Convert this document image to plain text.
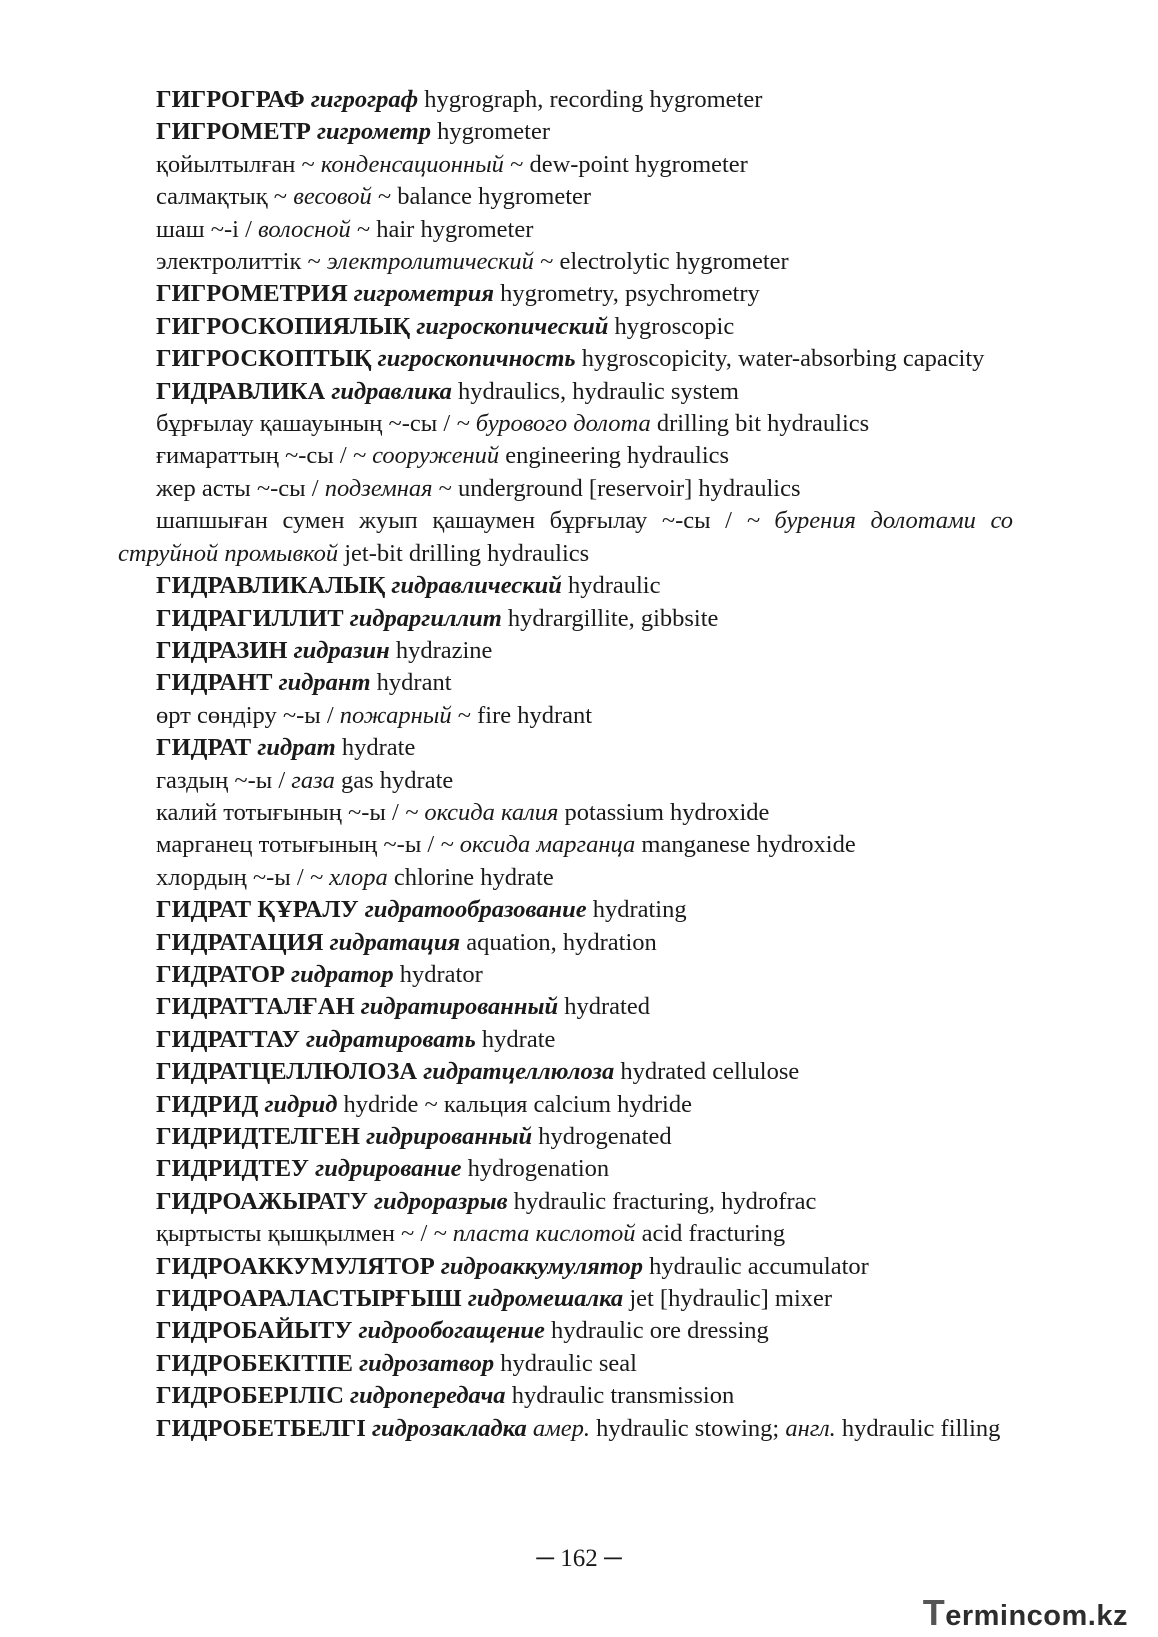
ГИГРОГРАФ гигрограф hygrograph, recording hygrometer

ГИГРОМЕТР гигрометр hygrometer

қойылтылған ~ конденсационный ~ dew-point hygrometer

салмақтық ~ весовой ~ balance hygrometer

шаш ~-і / волосной ~ hair hygrometer

электролиттік ~ электролитический ~ electrolytic hygrometer

ГИГРОМЕТРИЯ гигрометрия hygrometry, psychrometry

ГИГРОСКОПИЯЛЫҚ гигроскопический hygroscopic

ГИГРОСКОПТЫҚ гигроскопичность hygroscopicity, water-absorbing capacity

ГИДРАВЛИКА гидравлика hydraulics, hydraulic system

бұрғылау қашауының ~-сы / ~ бурового долота drilling bit hydraulics

ғимараттың ~-сы / ~ сооружений engineering hydraulics

жер асты ~-сы / подземная ~ underground [reservoir] hydraulics

шапшыған сумен жуып қашаумен бұрғылау ~-сы / ~ бурения долотами со струйной промывкой jet-bit drilling hydraulics

ГИДРАВЛИКАЛЫҚ гидравлический hydraulic

ГИДРАГИЛЛИТ гидраргиллит hydrargillite, gibbsite

ГИДРАЗИН гидразин hydrazine

ГИДРАНТ гидрант hydrant

өрт сөндіру ~-ы / пожарный ~ fire hydrant

ГИДРАТ гидрат hydrate

газдың ~-ы / газа gas hydrate

калий тотығының ~-ы / ~ оксида калия potassium hydroxide

марганец тотығының ~-ы / ~ оксида марганца manganese hydroxide

хлордың ~-ы / ~ хлора chlorine hydrate

ГИДРАТ ҚҰРАЛУ гидратообразование hydrating

ГИДРАТАЦИЯ гидратация aquation, hydration

ГИДРАТОР гидратор hydrator

ГИДРАТТАЛҒАН гидратированный hydrated

ГИДРАТТАУ гидратировать hydrate

ГИДРАТЦЕЛЛЮЛОЗА гидратцеллюлоза hydrated cellulose

ГИДРИД гидрид hydride ~ кальция calcium hydride

ГИДРИДТЕЛГЕН гидрированный hydrogenated

ГИДРИДТЕУ гидрирование hydrogenation

ГИДРОАЖЫРАТУ гидроразрыв hydraulic fracturing, hydrofrac

қыртысты қышқылмен ~ / ~ пласта кислотой acid fracturing

ГИДРОАККУМУЛЯТОР гидроаккумулятор hydraulic accumulator

ГИДРОАРАЛАСТЫРҒЫШ гидромешалка jet [hydraulic] mixer

ГИДРОБАЙЫТУ гидрообогащение hydraulic ore dressing

ГИДРОБЕКІТПЕ гидрозатвор hydraulic seal

ГИДРОБЕРІЛІС гидропередача hydraulic transmission

ГИДРОБЕТБЕЛГІ гидрозакладка амер. hydraulic stowing; англ. hydraulic filling

─ 162 ─
Termincom.kz
